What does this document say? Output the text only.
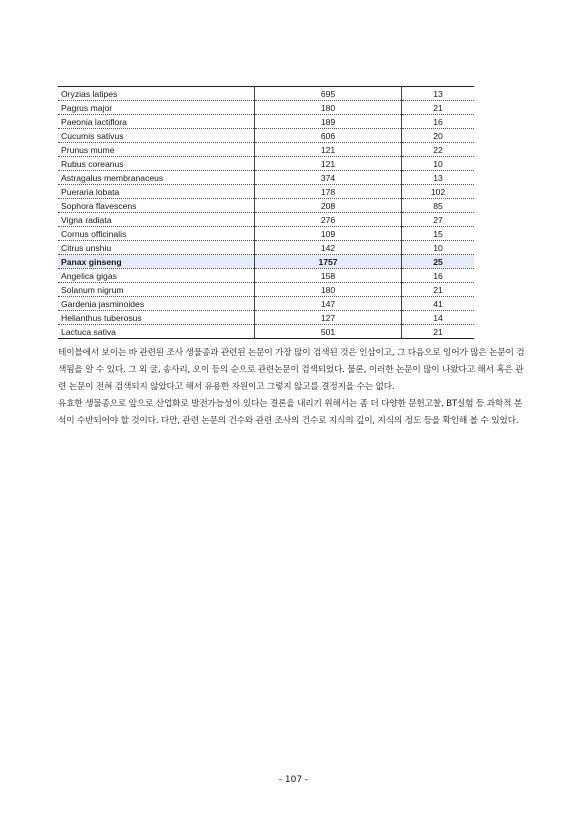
Oryzias latipes	695	13
Pagrus major	180	21
Paeonia lactiflora	189	16
Cucumis sativus	606	20
Prunus mume	121	22
Rubus coreanus	121	10
Astragalus membranaceus	374	13
Pueraria lobata	178	102
Sophora flavescens	208	85
Vigna radiata	276	27
Cornus officinalis	109	15
Citrus unshiu	142	10
Panax ginseng	1757	25
Angelica gigas	158	16
Solanum nigrum	180	21
Gardenia jasminoides	147	41
Helianthus tuberosus	127	14
Lactuca sativa	501	21

테이블에서 보이는 바 관련된 조사 생물종과 관련된 논문이 가장 많이 검색된 것은 인삼이고, 그 다음으로 잉어가 많은 논문이 검색됨을 알 수 있다. 그 외 굴, 송사리, 오이 등의 순으로 관련논문이 검색되었다. 물론, 이러한 논문이 많이 나왔다고 해서 혹은 관련 논문이 전혀 검색되지 않았다고 해서 유용한 자원이고 그렇지 않고를 결정지을 수는 없다.

유효한 생물종으로 앞으로 산업화로 발전가능성이 있다는 결론을 내리기 위해서는 좀 더 다양한 문헌고찰, BT실험 등 과학적 분석이 수반되어야 할 것이다. 다만, 관련 논문의 건수와 관련 조사의 건수로 지식의 깊이, 지식의 정도 등을 확인해 볼 수 있었다.

- 107 -
